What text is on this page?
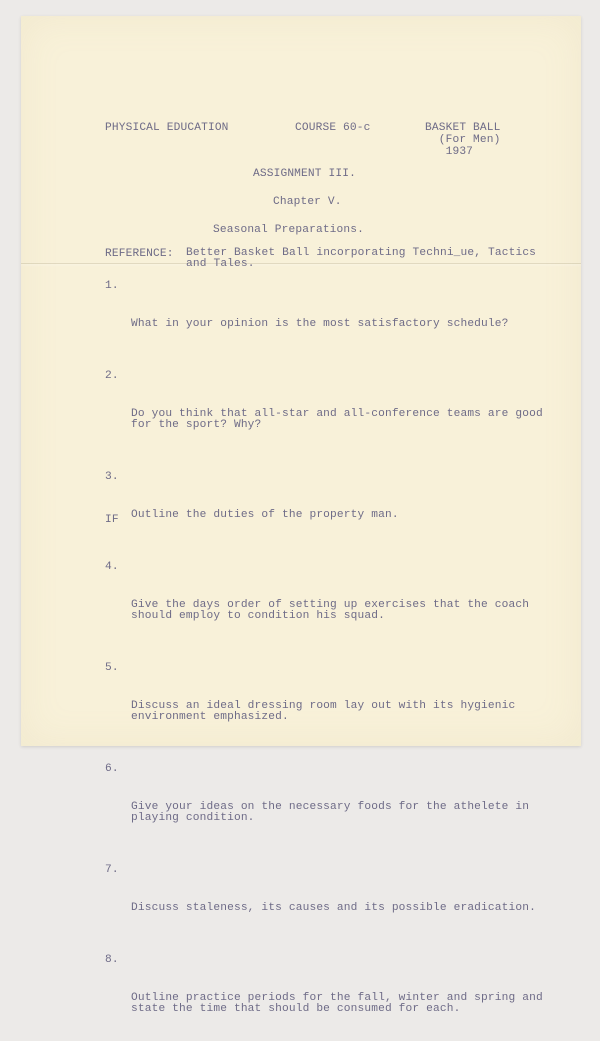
PHYSICAL EDUCATION	COURSE 60-c	BASKET BALL
(For Men)
1937
ASSIGNMENT III.
Chapter V.
Seasonal Preparations.
REFERENCE: Better Basket Ball incorporating Techni_ue, Tactics and Tales.

1.

What in your opinion is the most satisfactory schedule?

2.

Do you think that all-star and all-conference teams are good for the sport? Why?

3.

Outline the duties of the property man.

4.

Give the days order of setting up exercises that the coach should employ to condition his squad.

5.

Discuss an ideal dressing room lay out with its hygienic environment emphasized.

6.

Give your ideas on the necessary foods for the athelete in playing condition.

7.

Discuss staleness, its causes and its possible eradication.

8.

Outline practice periods for the fall, winter and spring and state the time that should be consumed for each.

IF
